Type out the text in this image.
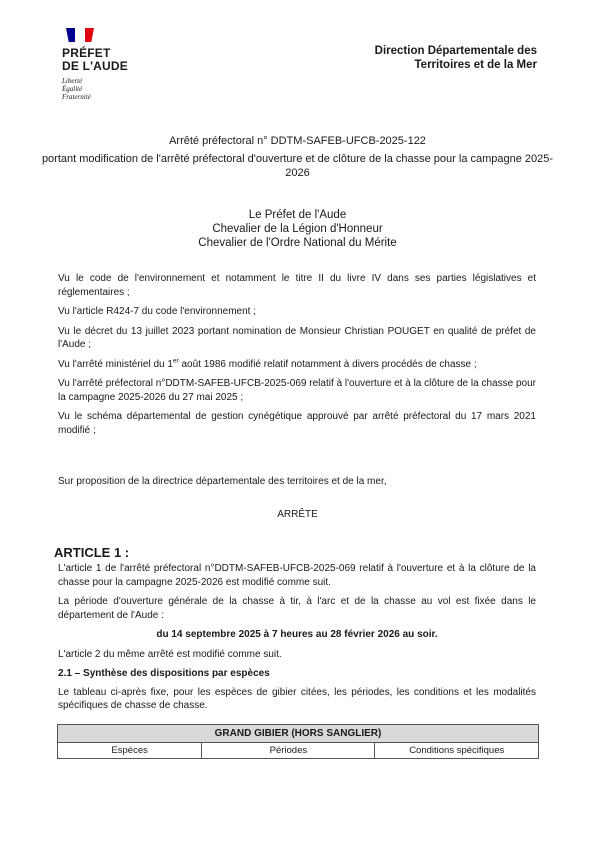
PRÉFET
DE L'AUDE
Liberté
Égalité
Fraternité
Direction Départementale des
Territoires et de la Mer
Arrêté préfectoral n° DDTM-SAFEB-UFCB-2025-122
portant modification de l'arrêté préfectoral d'ouverture et de clôture de la chasse pour la campagne 2025-2026
Le Préfet de l'Aude
Chevalier de la Légion d'Honneur
Chevalier de l'Ordre National du Mérite

Vu le code de l'environnement et notamment le titre II du livre IV dans ses parties législatives et réglementaires ;

Vu l'article R424-7 du code l'environnement ;

Vu le décret du 13 juillet 2023 portant nomination de Monsieur Christian POUGET en qualité de préfet de l'Aude ;

Vu l'arrêté ministériel du 1er août 1986 modifié relatif notamment à divers procédés de chasse ;

Vu l'arrêté préfectoral n°DDTM-SAFEB-UFCB-2025-069 relatif à l'ouverture et à la clôture de la chasse pour la campagne 2025-2026 du 27 mai 2025 ;

Vu le schéma départemental de gestion cynégétique approuvé par arrêté préfectoral du 17 mars 2021 modifié ;

Sur proposition de la directrice départementale des territoires et de la mer,
ARRÊTE
ARTICLE 1 :

L'article 1 de l'arrêté préfectoral n°DDTM-SAFEB-UFCB-2025-069 relatif à l'ouverture et à la clôture de la chasse pour la campagne 2025-2026 est modifié comme suit.

La période d'ouverture générale de la chasse à tir, à l'arc et de la chasse au vol est fixée dans le département de l'Aude :

du 14 septembre 2025 à 7 heures au 28 février 2026 au soir.

L'article 2 du même arrêté est modifié comme suit.

2.1 – Synthèse des dispositions par espèces

Le tableau ci-après fixe, pour les espèces de gibier citées, les périodes, les conditions et les modalités spécifiques de chasse de chasse.

GRAND GIBIER (HORS SANGLIER)
Espèces	Périodes	Conditions spécifiques
